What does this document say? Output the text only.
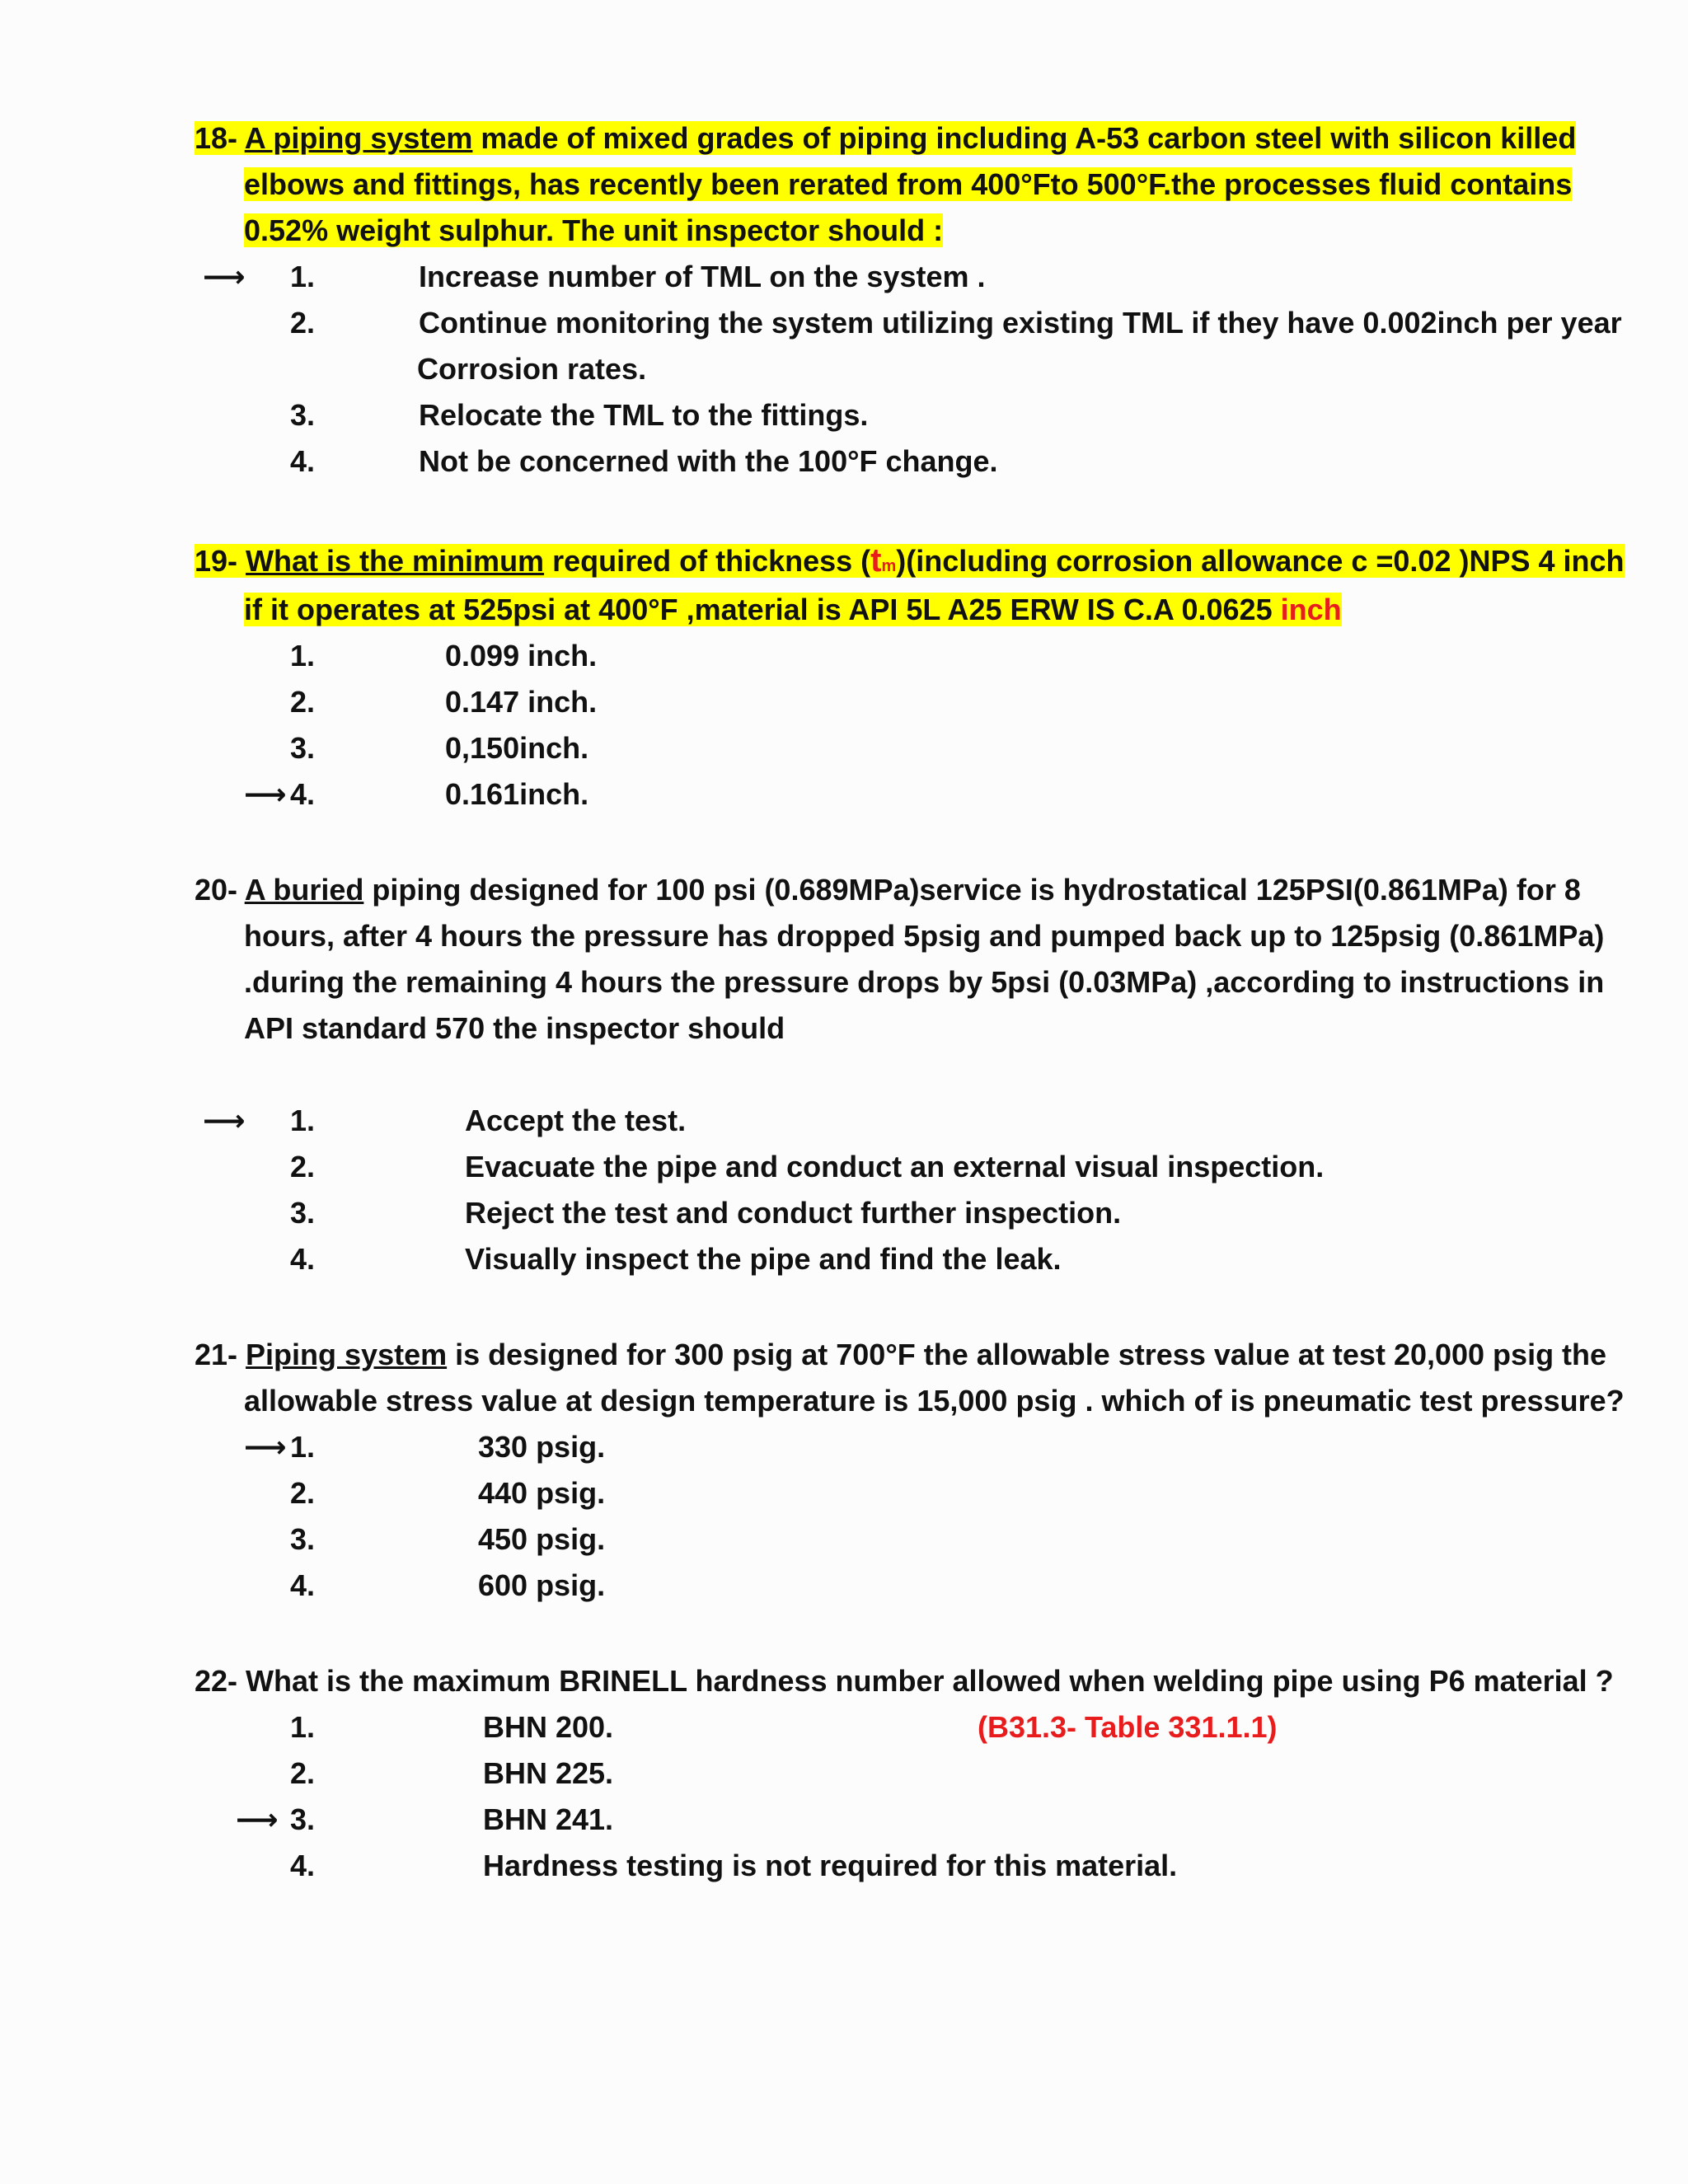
18- A piping system made of mixed grades of piping including A-53 carbon steel with silicon killed
elbows and fittings, has recently been rerated from 400°Fto 500°F.the processes fluid contains
0.52% weight sulphur. The unit inspector should :
⟶ 1.	Increase number of TML on the system .
2.	Continue monitoring the system utilizing existing TML if they have 0.002inch per year
Corrosion rates.
3.	Relocate the TML to the fittings.
4.	Not be concerned with the 100°F change.
19- What is the minimum required of thickness (tm)(including corrosion allowance c =0.02 )NPS 4 inch
if it operates at 525psi at 400°F ,material is API 5L A25 ERW IS C.A 0.0625 inch
1.	0.099 inch.
2.	0.147 inch.
3.	0,150inch.
⟶ 4.	0.161inch.
20- A buried piping designed for 100 psi (0.689MPa)service is hydrostatical 125PSI(0.861MPa) for 8
hours, after 4 hours the pressure has dropped 5psig and pumped back up to 125psig (0.861MPa)
.during the remaining 4 hours the pressure drops by 5psi (0.03MPa) ,according to instructions in
API standard 570 the inspector should
⟶ 1.	Accept the test.
2.	Evacuate the pipe and conduct an external visual inspection.
3.	Reject the test and conduct further inspection.
4.	Visually inspect the pipe and find the leak.
21- Piping system is designed for 300 psig at 700°F the allowable stress value at test 20,000 psig the
allowable stress value at design temperature is 15,000 psig . which of is pneumatic test pressure?
⟶ 1.	330 psig.
2.	440 psig.
3.	450 psig.
4.	600 psig.
22- What is the maximum BRINELL hardness number allowed when welding pipe using P6 material ?
1.	BHN 200.	(B31.3- Table 331.1.1)
2.	BHN 225.
⟶ 3.	BHN 241.
4.	Hardness testing is not required for this material.
